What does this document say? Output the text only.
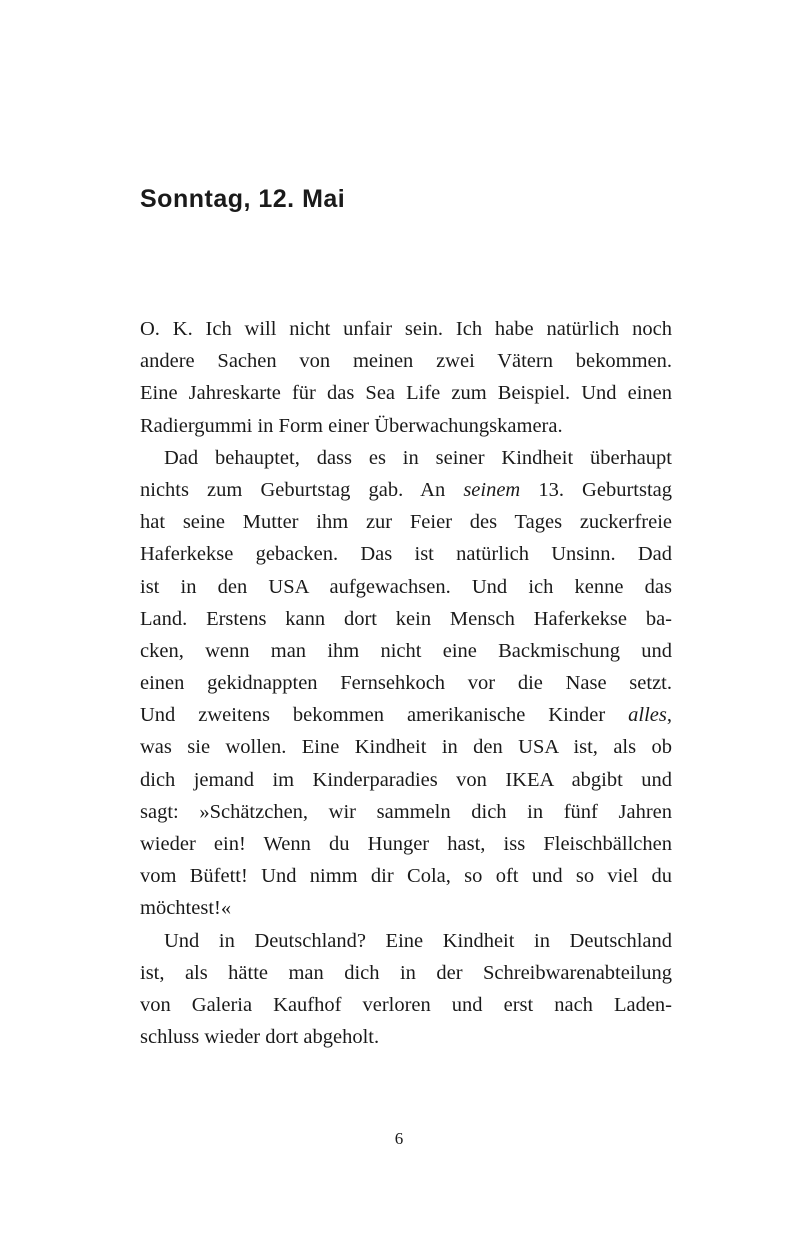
Sonntag, 12. Mai
O. K. Ich will nicht unfair sein. Ich habe natürlich noch
andere Sachen von meinen zwei Vätern bekommen.
Eine Jahreskarte für das Sea Life zum Beispiel. Und einen
Radiergummi in Form einer Überwachungskamera.
Dad behauptet, dass es in seiner Kindheit überhaupt
nichts zum Geburtstag gab. An seinem 13. Geburtstag
hat seine Mutter ihm zur Feier des Tages zuckerfreie
Haferkekse gebacken. Das ist natürlich Unsinn. Dad
ist in den USA aufgewachsen. Und ich kenne das
Land. Erstens kann dort kein Mensch Haferkekse ba-
cken, wenn man ihm nicht eine Backmischung und
einen gekidnappten Fernsehkoch vor die Nase setzt.
Und zweitens bekommen amerikanische Kinder alles,
was sie wollen. Eine Kindheit in den USA ist, als ob
dich jemand im Kinderparadies von IKEA abgibt und
sagt: »Schätzchen, wir sammeln dich in fünf Jahren
wieder ein! Wenn du Hunger hast, iss Fleischbällchen
vom Büfett! Und nimm dir Cola, so oft und so viel du
möchtest!«
Und in Deutschland? Eine Kindheit in Deutschland
ist, als hätte man dich in der Schreibwarenabteilung
von Galeria Kaufhof verloren und erst nach Laden-
schluss wieder dort abgeholt.
6
